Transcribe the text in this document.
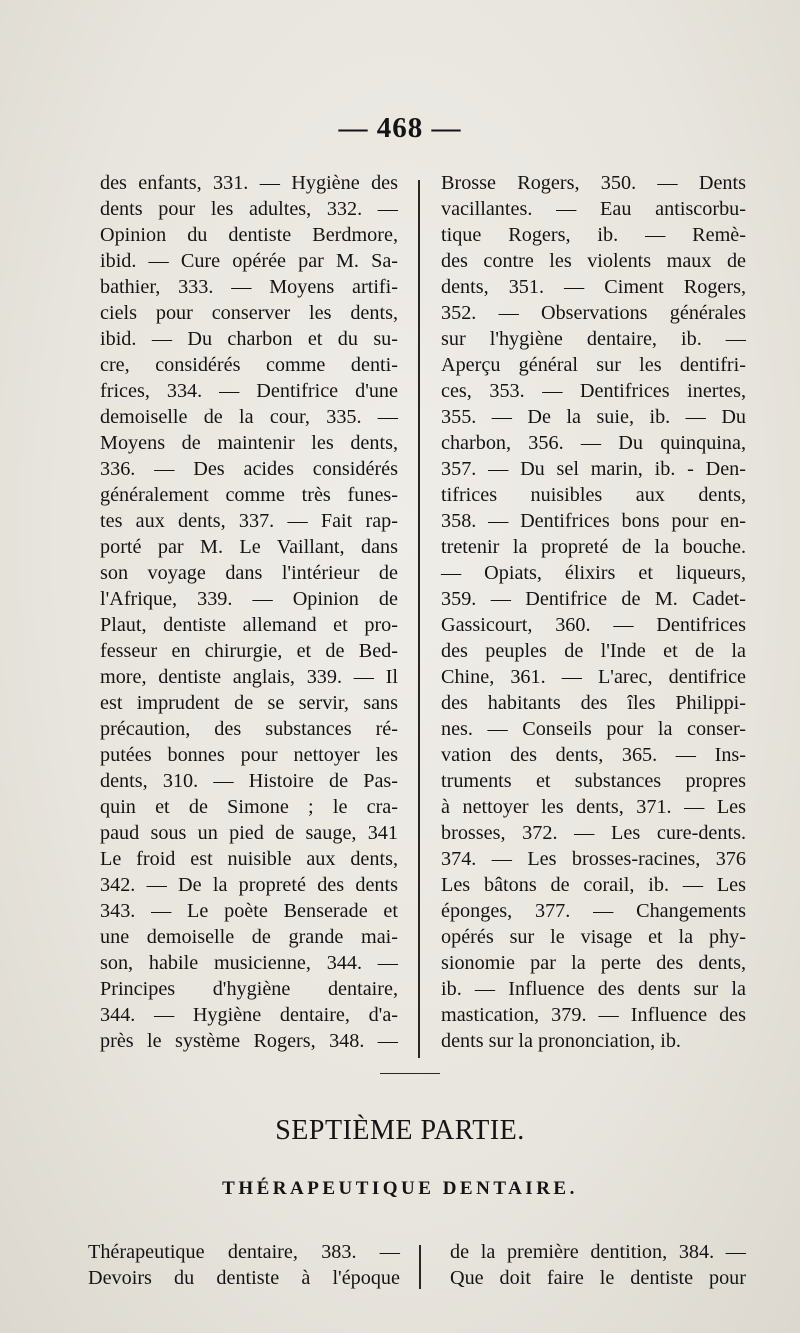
— 468 —
des enfants, 331. — Hygiène des
dents pour les adultes, 332. —
Opinion du dentiste Berdmore,
ibid. — Cure opérée par M. Sa-
bathier, 333. — Moyens artifi-
ciels pour conserver les dents,
ibid. — Du charbon et du su-
cre, considérés comme denti-
frices, 334. — Dentifrice d'une
demoiselle de la cour, 335. —
Moyens de maintenir les dents,
336. — Des acides considérés
généralement comme très funes-
tes aux dents, 337. — Fait rap-
porté par M. Le Vaillant, dans
son voyage dans l'intérieur de
l'Afrique, 339. — Opinion de
Plaut, dentiste allemand et pro-
fesseur en chirurgie, et de Bed-
more, dentiste anglais, 339. — Il
est imprudent de se servir, sans
précaution, des substances ré-
putées bonnes pour nettoyer les
dents, 310. — Histoire de Pas-
quin et de Simone ; le cra-
paud sous un pied de sauge, 341
Le froid est nuisible aux dents,
342. — De la propreté des dents
343. — Le poète Benserade et
une demoiselle de grande mai-
son, habile musicienne, 344. —
Principes d'hygiène dentaire,
344. — Hygiène dentaire, d'a-
près le système Rogers, 348. —
Brosse Rogers, 350. — Dents
vacillantes. — Eau antiscorbu-
tique Rogers, ib. — Remè-
des contre les violents maux de
dents, 351. — Ciment Rogers,
352. — Observations générales
sur l'hygiène dentaire, ib. —
Aperçu général sur les dentifri-
ces, 353. — Dentifrices inertes,
355. — De la suie, ib. — Du
charbon, 356. — Du quinquina,
357. — Du sel marin, ib. - Den-
tifrices nuisibles aux dents,
358. — Dentifrices bons pour en-
tretenir la propreté de la bouche.
— Opiats, élixirs et liqueurs,
359. — Dentifrice de M. Cadet-
Gassicourt, 360. — Dentifrices
des peuples de l'Inde et de la
Chine, 361. — L'arec, dentifrice
des habitants des îles Philippi-
nes. — Conseils pour la conser-
vation des dents, 365. — Ins-
truments et substances propres
à nettoyer les dents, 371. — Les
brosses, 372. — Les cure-dents.
374. — Les brosses-racines, 376
Les bâtons de corail, ib. — Les
éponges, 377. — Changements
opérés sur le visage et la phy-
sionomie par la perte des dents,
ib. — Influence des dents sur la
mastication, 379. — Influence des
dents sur la prononciation, ib.
SEPTIÈME PARTIE.
THÉRAPEUTIQUE DENTAIRE.
Thérapeutique dentaire, 383. —
Devoirs du dentiste à l'époque
de la première dentition, 384. —
Que doit faire le dentiste pour
